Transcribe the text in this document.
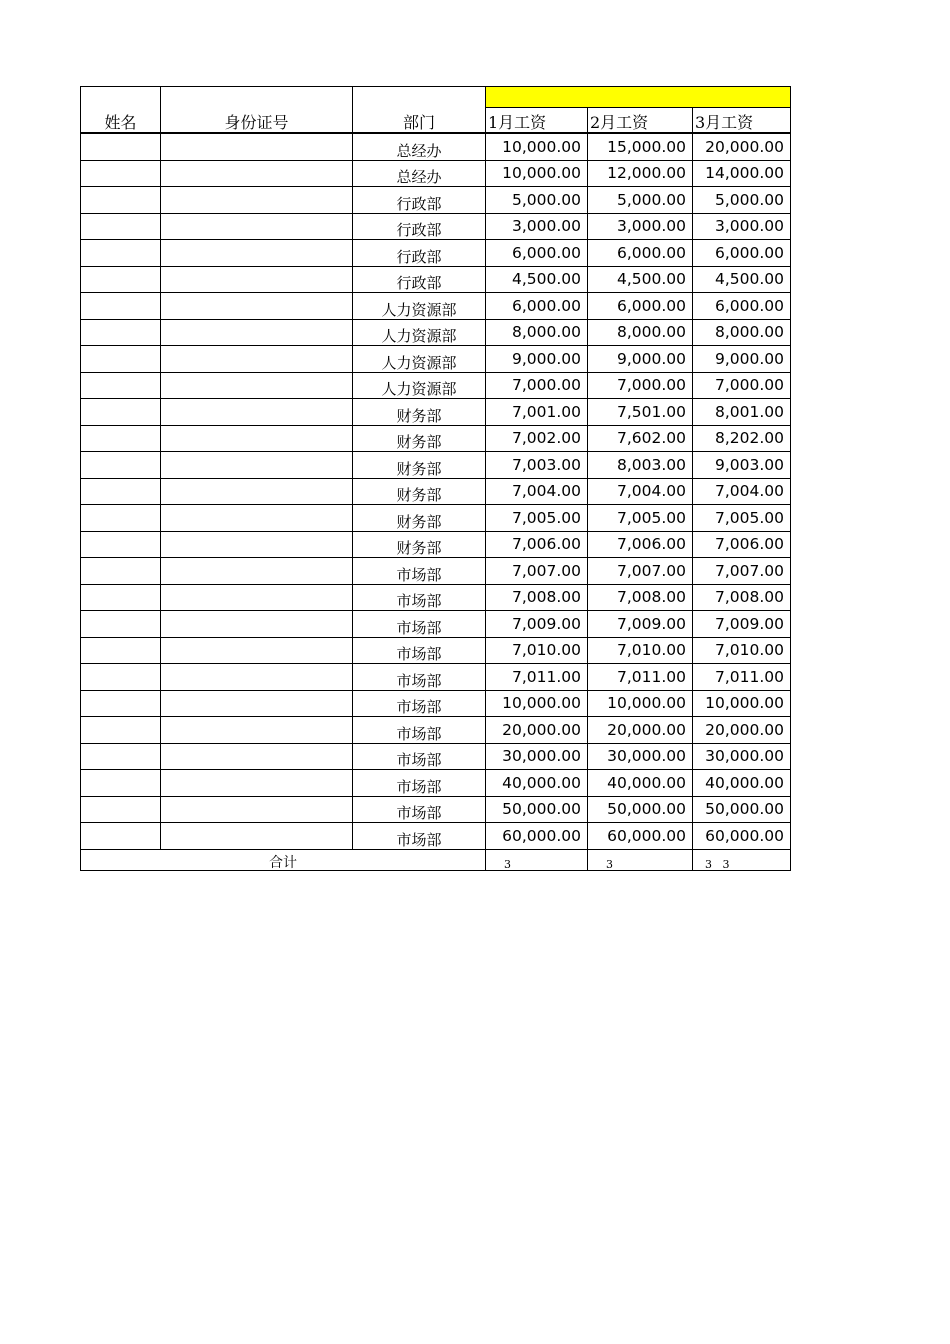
姓名	身份证号	部门	1月工资	2月工资	3月工资
		总经办	10,000.00	15,000.00	20,000.00
		总经办	10,000.00	12,000.00	14,000.00
		行政部	5,000.00	5,000.00	5,000.00
		行政部	3,000.00	3,000.00	3,000.00
		行政部	6,000.00	6,000.00	6,000.00
		行政部	4,500.00	4,500.00	4,500.00
		人力资源部	6,000.00	6,000.00	6,000.00
		人力资源部	8,000.00	8,000.00	8,000.00
		人力资源部	9,000.00	9,000.00	9,000.00
		人力资源部	7,000.00	7,000.00	7,000.00
		财务部	7,001.00	7,501.00	8,001.00
		财务部	7,002.00	7,602.00	8,202.00
		财务部	7,003.00	8,003.00	9,003.00
		财务部	7,004.00	7,004.00	7,004.00
		财务部	7,005.00	7,005.00	7,005.00
		财务部	7,006.00	7,006.00	7,006.00
		市场部	7,007.00	7,007.00	7,007.00
		市场部	7,008.00	7,008.00	7,008.00
		市场部	7,009.00	7,009.00	7,009.00
		市场部	7,010.00	7,010.00	7,010.00
		市场部	7,011.00	7,011.00	7,011.00
		市场部	10,000.00	10,000.00	10,000.00
		市场部	20,000.00	20,000.00	20,000.00
		市场部	30,000.00	30,000.00	30,000.00
		市场部	40,000.00	40,000.00	40,000.00
		市场部	50,000.00	50,000.00	50,000.00
		市场部	60,000.00	60,000.00	60,000.00
合计			3	3	3   3
